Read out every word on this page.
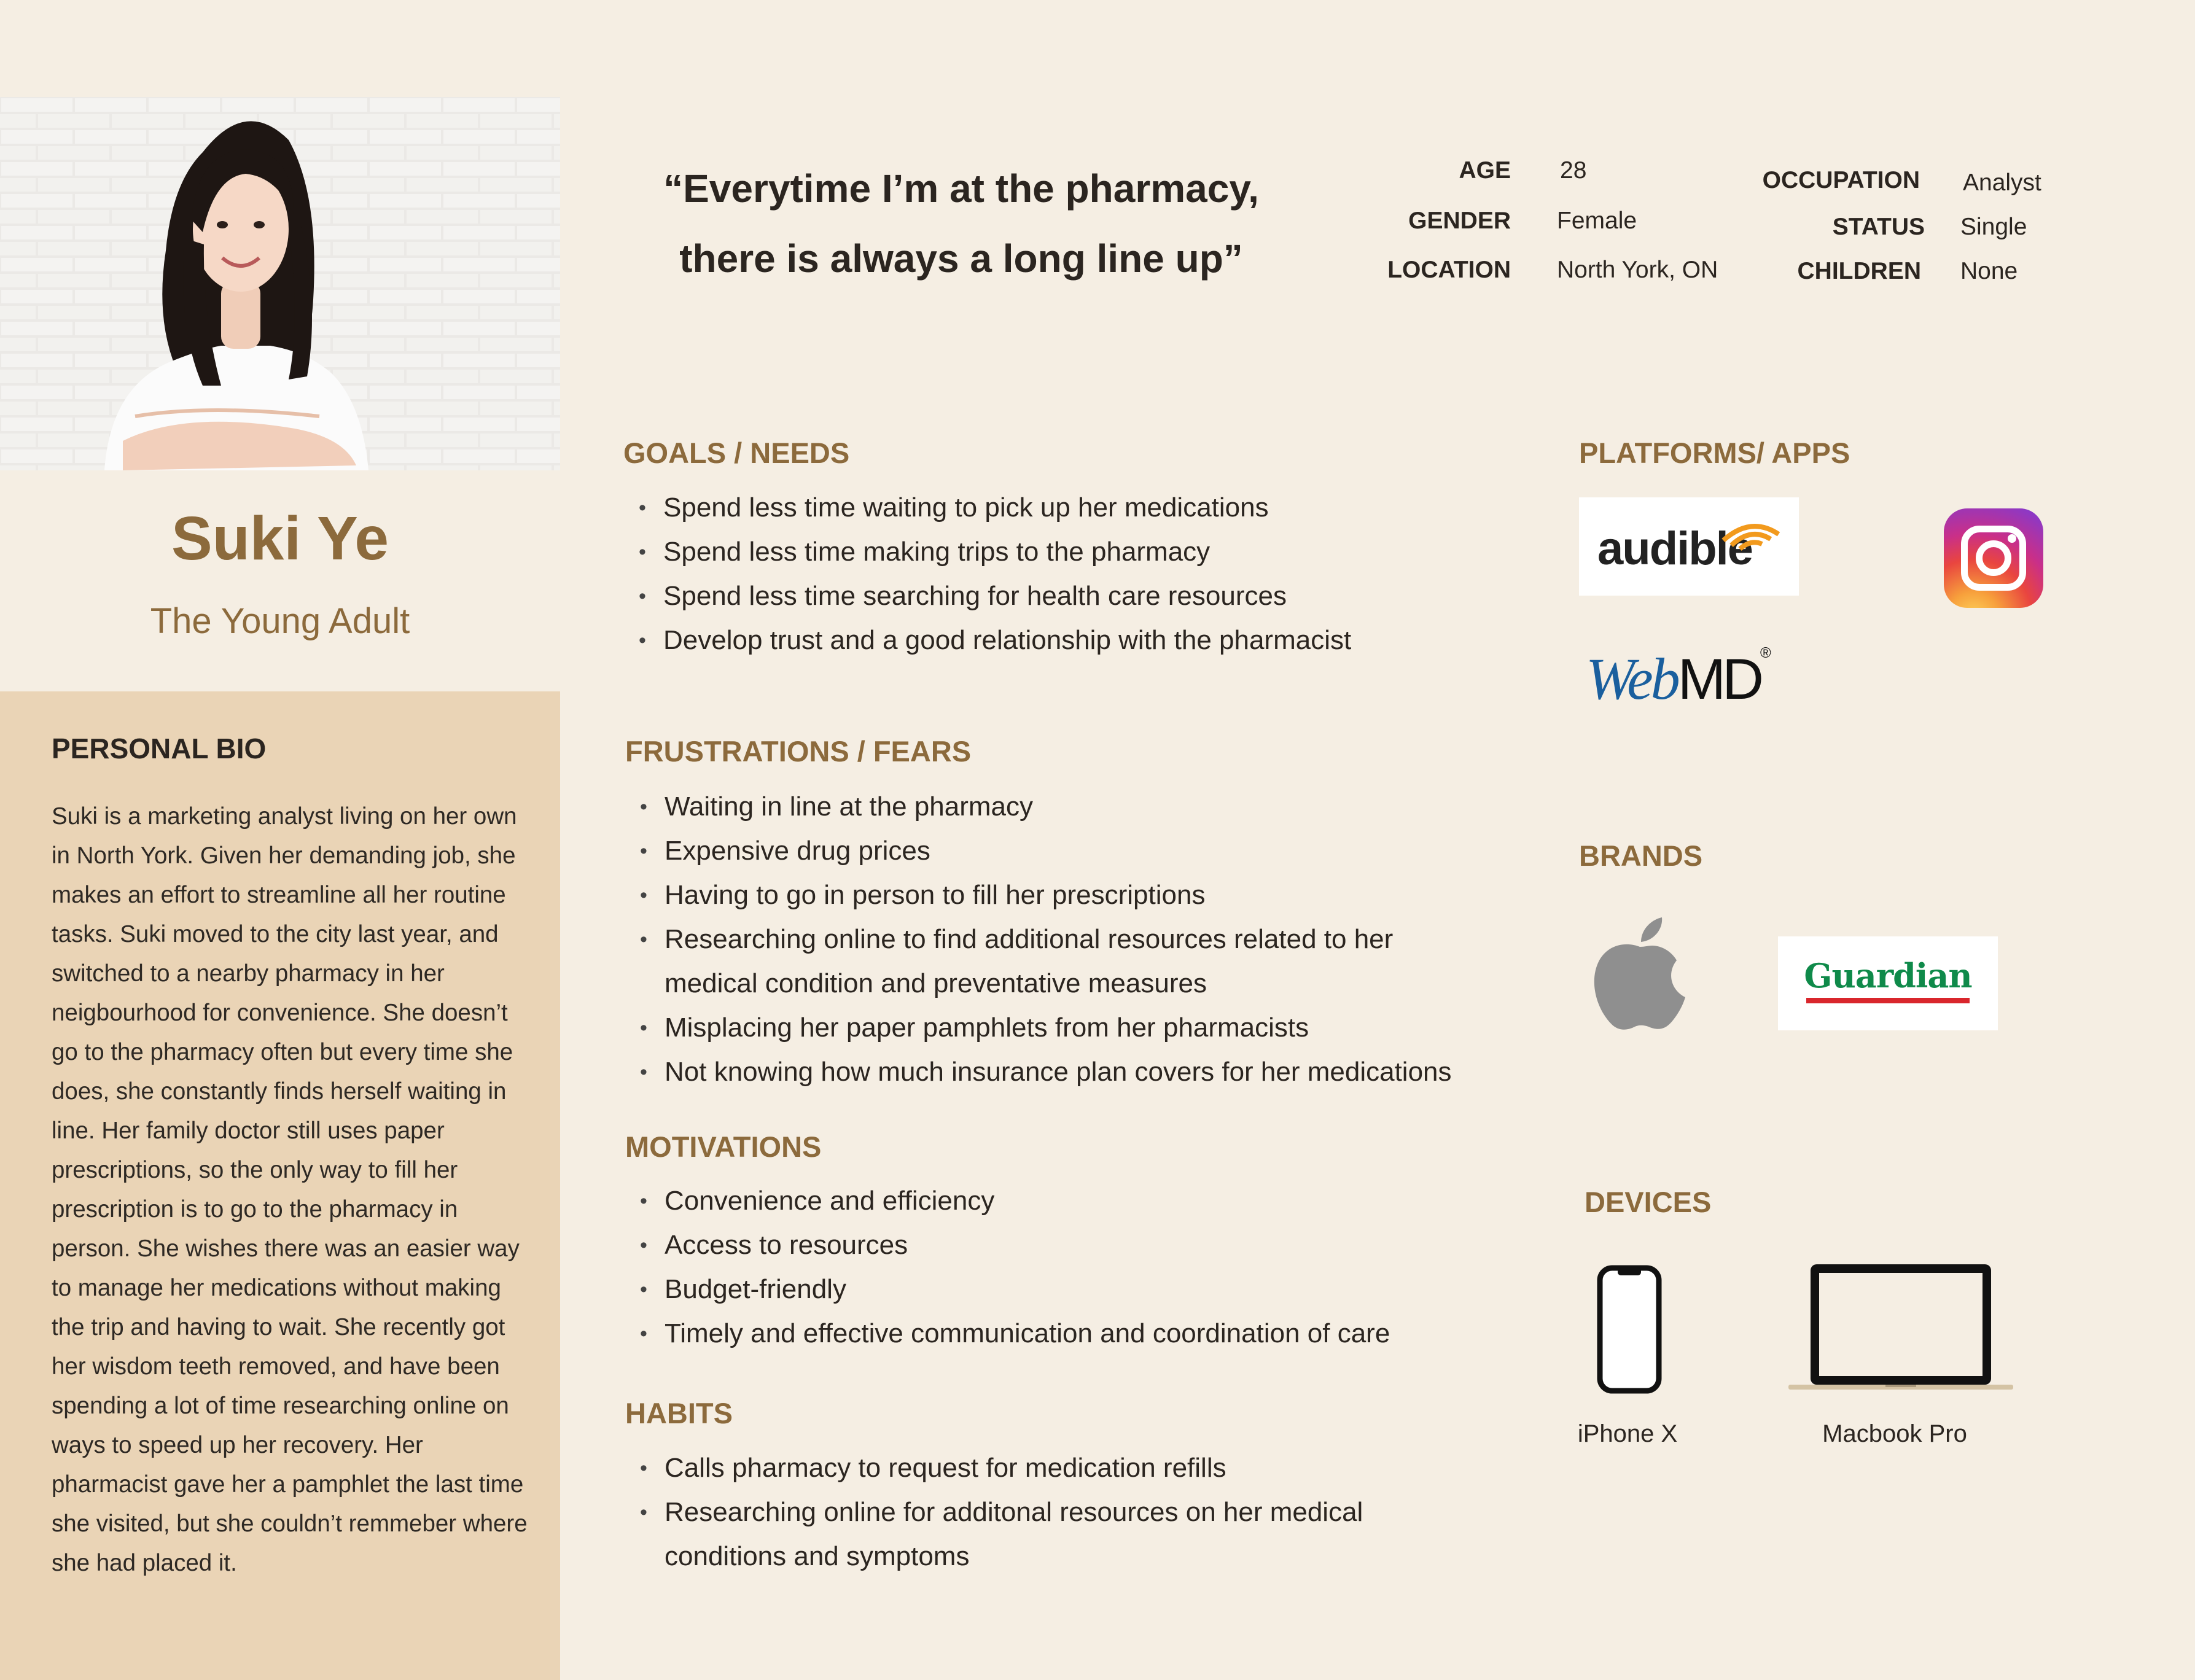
Suki Ye
The Young Adult
PERSONAL BIO
Suki is a marketing analyst living on her own in North York. Given her demanding job, she makes an effort to streamline all her routine tasks. Suki moved to the city last year, and switched to a nearby pharmacy in her neigbourhood for convenience. She doesn’t go to the pharmacy often but every time she does, she constantly finds herself waiting in line. Her family doctor still uses paper prescriptions, so the only way to fill her prescription is to go to the pharmacy in person. She wishes there was an easier way to manage her medications without making the trip and having to wait. She recently got her wisdom teeth removed, and have been spending a lot of time researching online on ways to speed up her recovery. Her pharmacist gave her a pamphlet the last time she visited, but she couldn’t remmeber where she had placed it.
“Everytime I’m at the pharmacy,
there is always a long line up”
AGE 28
GENDER Female
LOCATION North York, ON
OCCUPATION Analyst
STATUS Single
CHILDREN None
GOALS / NEEDS
• Spend less time waiting to pick up her medications
• Spend less time making trips to the pharmacy
• Spend less time searching for health care resources
• Develop trust and a good relationship with the pharmacist
FRUSTRATIONS / FEARS
• Waiting in line at the pharmacy
• Expensive drug prices
• Having to go in person to fill her prescriptions
• Researching online to find additional resources related to her medical condition and preventative measures
• Misplacing her paper pamphlets from her pharmacists
• Not knowing how much insurance plan covers for her medications
MOTIVATIONS
• Convenience and efficiency
• Access to resources
• Budget-friendly
• Timely and effective communication and coordination of care
HABITS
• Calls pharmacy to request for medication refills
• Researching online for additonal resources on her medical conditions and symptoms
PLATFORMS/ APPS
audible
WebMD®
BRANDS
Guardian
DEVICES
iPhone X	Macbook Pro
